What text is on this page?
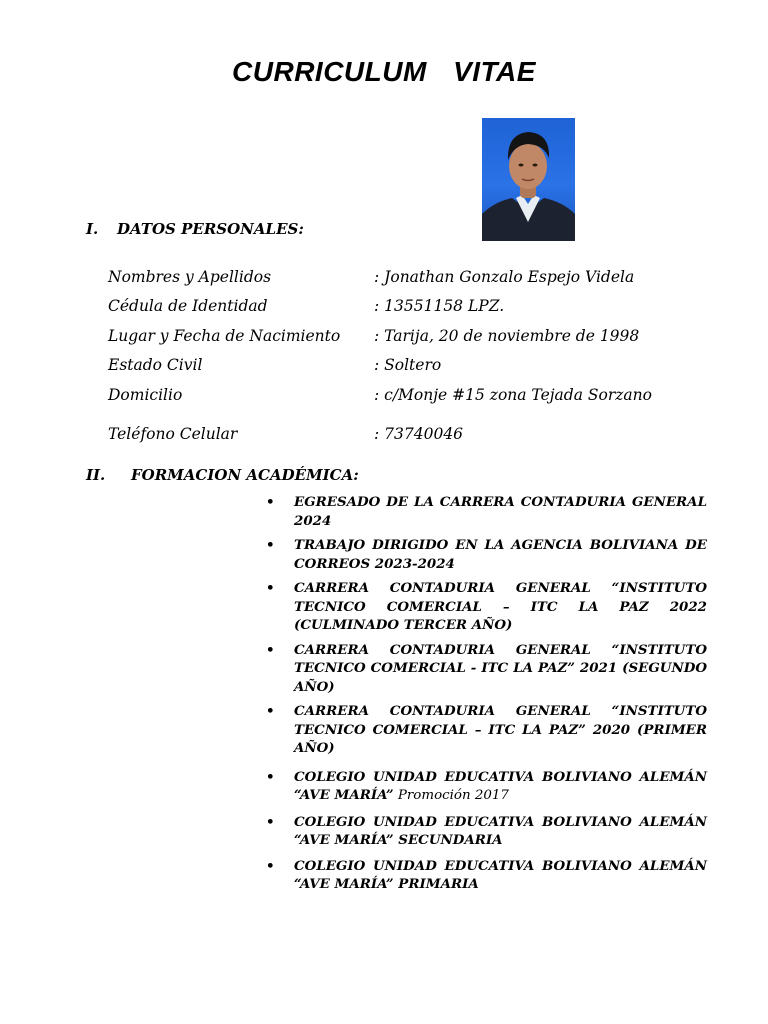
CURRICULUM VITAE
I. DATOS PERSONALES:
Nombres y Apellidos	: Jonathan Gonzalo Espejo Videla
Cédula de Identidad	: 13551158 LPZ.
Lugar y Fecha de Nacimiento : Tarija, 20 de noviembre de 1998
Estado Civil	: Soltero
Domicilio	: c/Monje #15 zona Tejada Sorzano
Teléfono Celular	: 73740046
II. FORMACION ACADÉMICA:
• EGRESADO DE LA CARRERA CONTADURIA GENERAL 2024
• TRABAJO DIRIGIDO EN LA AGENCIA BOLIVIANA DE CORREOS 2023-2024
• CARRERA CONTADURIA GENERAL “INSTITUTO TECNICO COMERCIAL – ITC LA PAZ 2022 (CULMINADO TERCER AÑO)
• CARRERA CONTADURIA GENERAL “INSTITUTO TECNICO COMERCIAL - ITC LA PAZ” 2021 (SEGUNDO AÑO)
• CARRERA CONTADURIA GENERAL “INSTITUTO TECNICO COMERCIAL – ITC LA PAZ” 2020 (PRIMER AÑO)
• COLEGIO UNIDAD EDUCATIVA BOLIVIANO ALEMÁN “AVE MARÍA” Promoción 2017
• COLEGIO UNIDAD EDUCATIVA BOLIVIANO ALEMÁN “AVE MARÍA” SECUNDARIA
• COLEGIO UNIDAD EDUCATIVA BOLIVIANO ALEMÁN “AVE MARÍA” PRIMARIA
